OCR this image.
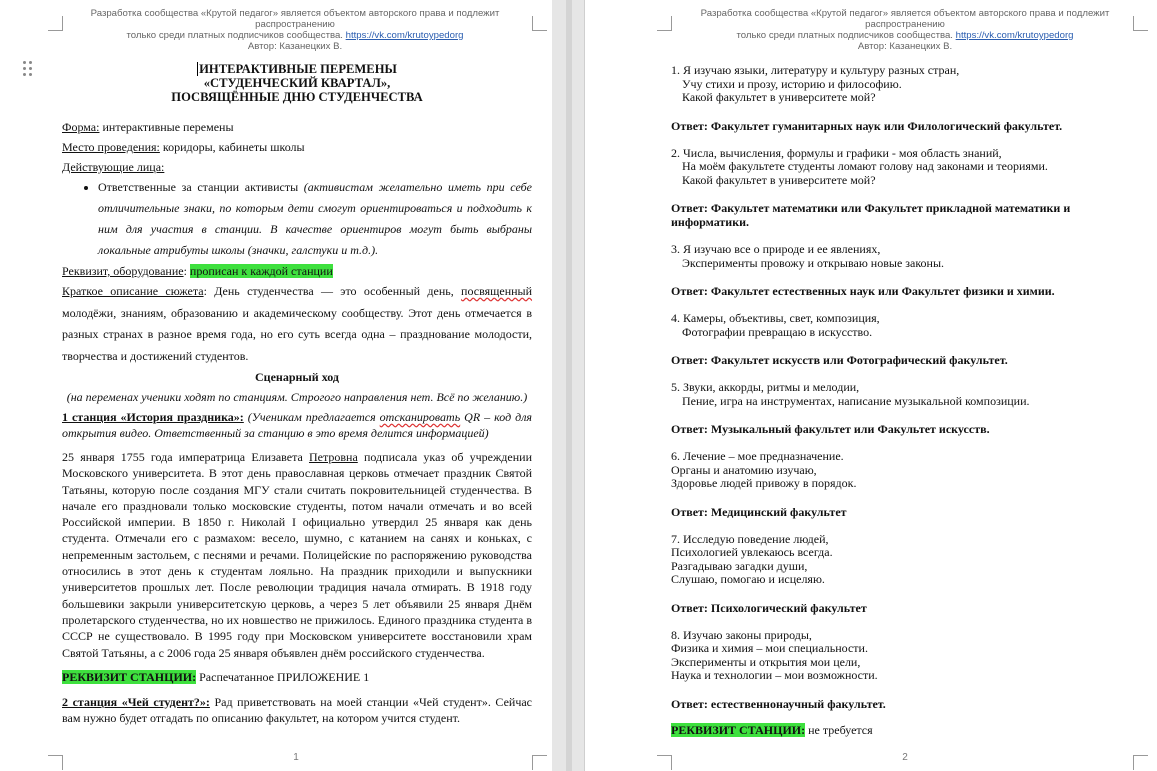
Разработка сообщества «Крутой педагог» является объектом авторского права и подлежит распространению
только среди платных подписчиков сообщества. https://vk.com/krutoypedorg
Автор: Казанецких В.
1
ИНТЕРАКТИВНЫЕ ПЕРЕМЕНЫ
«СТУДЕНЧЕСКИЙ КВАРТАЛ»,
ПОСВЯЩЁННЫЕ ДНЮ СТУДЕНЧЕСТВА
Форма: интерактивные перемены
Место проведения: коридоры, кабинеты школы
Действующие лица:
• Ответственные за станции активисты (активистам желательно иметь при себе отличительные знаки, по которым дети смогут ориентироваться и подходить к ним для участия в станции. В качестве ориентиров могут быть выбраны локальные атрибуты школы (значки, галстуки и т.д.).
Реквизит, оборудование: прописан к каждой станции
Краткое описание сюжета: День студенчества — это особенный день, посвященный молодёжи, знаниям, образованию и академическому сообществу. Этот день отмечается в разных странах в разное время года, но его суть всегда одна – празднование молодости, творчества и достижений студентов.
Сценарный ход
(на переменах ученики ходят по станциям. Строгого направления нет. Всё по желанию.)
1 станция «История праздника»: (Ученикам предлагается отсканировать QR – код для открытия видео. Ответственный за станцию в это время делится информацией)
25 января 1755 года императрица Елизавета Петровна подписала указ об учреждении Московского университета. В этот день православная церковь отмечает праздник Святой Татьяны, которую после создания МГУ стали считать покровительницей студенчества. В начале его праздновали только московские студенты, потом начали отмечать и во всей Российской империи. В 1850 г. Николай I официально утвердил 25 января как день студента. Отмечали его с размахом: весело, шумно, с катанием на санях и коньках, с непременным застольем, с песнями и речами. Полицейские по распоряжению руководства относились в этот день к студентам лояльно. На праздник приходили и выпускники университетов прошлых лет. После революции традиция начала отмирать. В 1918 году большевики закрыли университетскую церковь, а через 5 лет объявили 25 января Днём пролетарского студенчества, но их новшество не прижилось. Единого праздника студента в СССР не существовало. В 1995 году при Московском университете восстановили храм Святой Татьяны, а с 2006 года 25 января объявлен днём российского студенчества.
РЕКВИЗИТ СТАНЦИИ: Распечатанное ПРИЛОЖЕНИЕ 1
2 станция «Чей студент?»: Рад приветствовать на моей станции «Чей студент». Сейчас вам нужно будет отгадать по описанию факультет, на котором учится студент.
Разработка сообщества «Крутой педагог» является объектом авторского права и подлежит распространению
только среди платных подписчиков сообщества. https://vk.com/krutoypedorg
Автор: Казанецких В.
2
1. Я изучаю языки, литературу и культуру разных стран,
Учу стихи и прозу, историю и философию.
Какой факультет в университете мой?
Ответ: Факультет гуманитарных наук или Филологический факультет.
2. Числа, вычисления, формулы и графики - моя область знаний,
На моём факультете студенты ломают голову над законами и теориями.
Какой факультет в университете мой?
Ответ: Факультет математики или Факультет прикладной математики и информатики.
3. Я изучаю все о природе и ее явлениях,
Эксперименты провожу и открываю новые законы.
Ответ: Факультет естественных наук или Факультет физики и химии.
4. Камеры, объективы, свет, композиция,
Фотографии превращаю в искусство.
Ответ: Факультет искусств или Фотографический факультет.
5. Звуки, аккорды, ритмы и мелодии,
Пение, игра на инструментах, написание музыкальной композиции.
Ответ: Музыкальный факультет или Факультет искусств.
6. Лечение – мое предназначение.
Органы и анатомию изучаю,
Здоровье людей привожу в порядок.
Ответ: Медицинский факультет
7. Исследую поведение людей,
Психологией увлекаюсь всегда.
Разгадываю загадки души,
Слушаю, помогаю и исцеляю.
Ответ: Психологический факультет
8. Изучаю законы природы,
Физика и химия – мои специальности.
Эксперименты и открытия мои цели,
Наука и технологии – мои возможности.
Ответ: естественнонаучный факультет.
РЕКВИЗИТ СТАНЦИИ: не требуется
